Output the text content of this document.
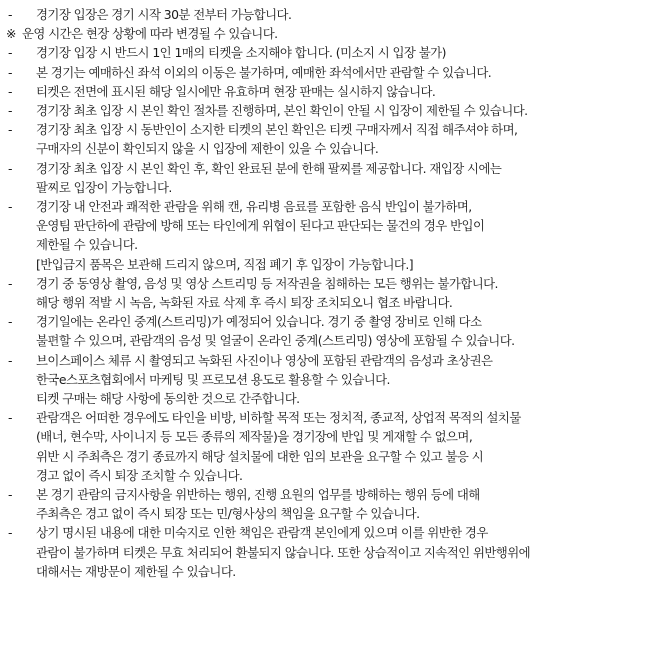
-	경기장 입장은 경기 시작 30분 전부터 가능합니다.
※ 운영 시간은 현장 상황에 따라 변경될 수 있습니다.
-	경기장 입장 시 반드시 1인 1매의 티켓을 소지해야 합니다. (미소지 시 입장 불가)
-	본 경기는 예매하신 좌석 이외의 이동은 불가하며, 예매한 좌석에서만 관람할 수 있습니다.
-	티켓은 전면에 표시된 해당 일시에만 유효하며 현장 판매는 실시하지 않습니다.
-	경기장 최초 입장 시 본인 확인 절차를 진행하며, 본인 확인이 안될 시 입장이 제한될 수 있습니다.
-	경기장 최초 입장 시 동반인이 소지한 티켓의 본인 확인은 티켓 구매자께서 직접 해주셔야 하며,
구매자의 신분이 확인되지 않을 시 입장에 제한이 있을 수 있습니다.
-	경기장 최초 입장 시 본인 확인 후, 확인 완료된 분에 한해 팔찌를 제공합니다. 재입장 시에는
팔찌로 입장이 가능합니다.
-	경기장 내 안전과 쾌적한 관람을 위해 캔, 유리병 음료를 포함한 음식 반입이 불가하며,
운영팀 판단하에 관람에 방해 또는 타인에게 위협이 된다고 판단되는 물건의 경우 반입이
제한될 수 있습니다.
[반입금지 품목은 보관해 드리지 않으며, 직접 폐기 후 입장이 가능합니다.]
-	경기 중 동영상 촬영, 음성 및 영상 스트리밍 등 저작권을 침해하는 모든 행위는 불가합니다.
해당 행위 적발 시 녹음, 녹화된 자료 삭제 후 즉시 퇴장 조치되오니 협조 바랍니다.
-	경기일에는 온라인 중계(스트리밍)가 예정되어 있습니다. 경기 중 촬영 장비로 인해 다소
불편할 수 있으며, 관람객의 음성 및 얼굴이 온라인 중계(스트리밍) 영상에 포함될 수 있습니다.
-	브이스페이스 체류 시 촬영되고 녹화된 사진이나 영상에 포함된 관람객의 음성과 초상권은
한국e스포츠협회에서 마케팅 및 프로모션 용도로 활용할 수 있습니다.
티켓 구매는 해당 사항에 동의한 것으로 간주합니다.
-	관람객은 어떠한 경우에도 타인을 비방, 비하할 목적 또는 정치적, 종교적, 상업적 목적의 설치물
(배너, 현수막, 사이니지 등 모든 종류의 제작물)을 경기장에 반입 및 게재할 수 없으며,
위반 시 주최측은 경기 종료까지 해당 설치물에 대한 임의 보관을 요구할 수 있고 불응 시
경고 없이 즉시 퇴장 조치할 수 있습니다.
-	본 경기 관람의 금지사항을 위반하는 행위, 진행 요원의 업무를 방해하는 행위 등에 대해
주최측은 경고 없이 즉시 퇴장 또는 민/형사상의 책임을 요구할 수 있습니다.
-	상기 명시된 내용에 대한 미숙지로 인한 책임은 관람객 본인에게 있으며 이를 위반한 경우
관람이 불가하며 티켓은 무효 처리되어 환불되지 않습니다. 또한 상습적이고 지속적인 위반행위에
대해서는 재방문이 제한될 수 있습니다.
